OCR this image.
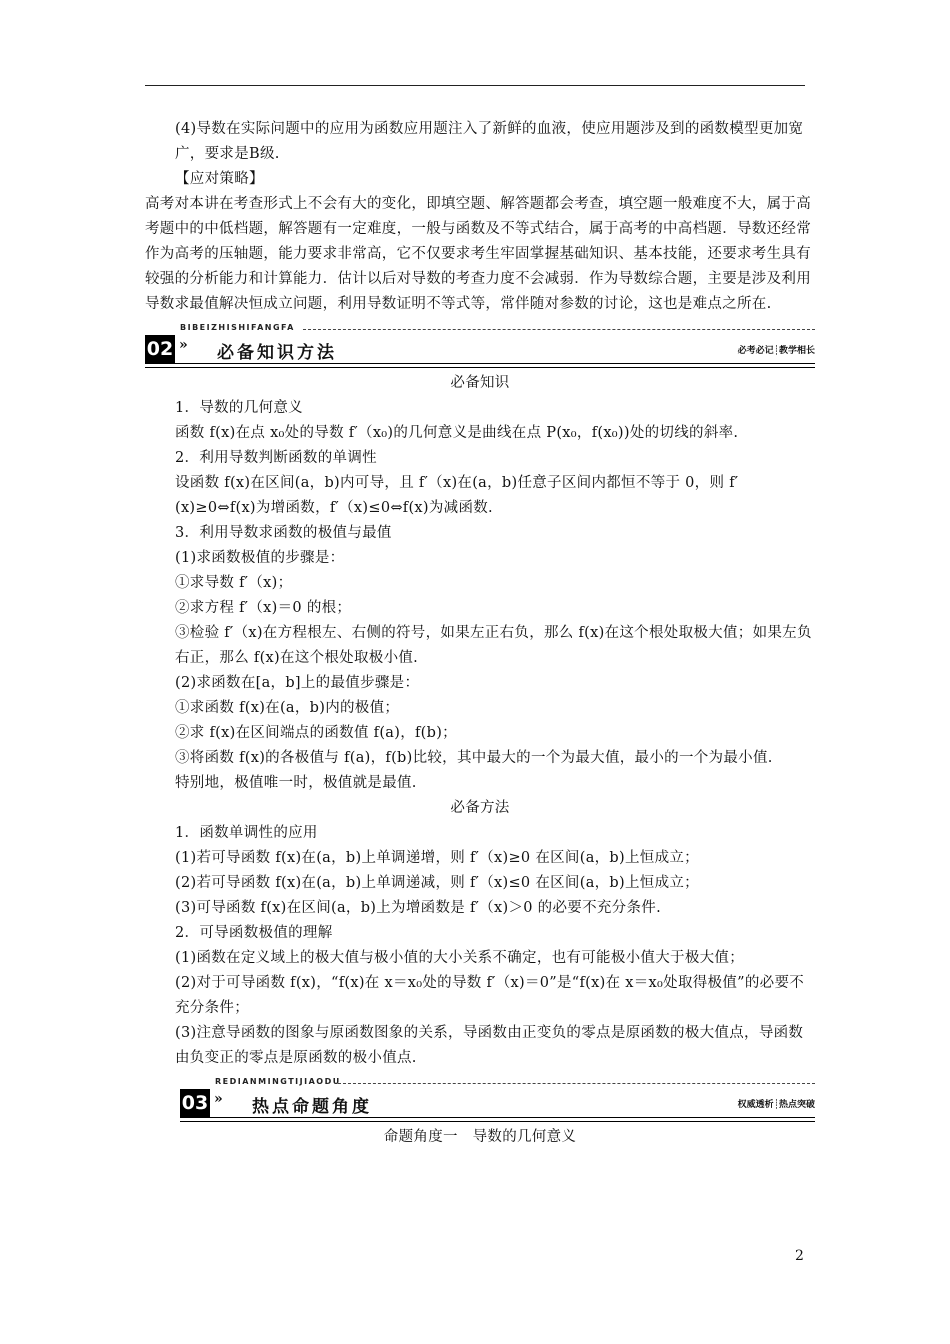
(4)导数在实际问题中的应用为函数应用题注入了新鲜的血液，使应用题涉及到的函数模型更加宽广，要求是B级.

【应对策略】

高考对本讲在考查形式上不会有大的变化，即填空题、解答题都会考查，填空题一般难度不大，属于高考题中的中低档题，解答题有一定难度，一般与函数及不等式结合，属于高考的中高档题．导数还经常作为高考的压轴题，能力要求非常高，它不仅要求考生牢固掌握基础知识、基本技能，还要求考生具有较强的分析能力和计算能力．估计以后对导数的考查力度不会减弱．作为导数综合题，主要是涉及利用导数求最值解决恒成立问题，利用导数证明不等式等，常伴随对参数的讨论，这也是难点之所在.

BIBEIZHISHIFANGFA
02 » 必备知识方法	必考必记┊教学相长

必备知识

1．导数的几何意义

函数 f(x)在点 x₀处的导数 f′（x₀)的几何意义是曲线在点 P(x₀，f(x₀))处的切线的斜率.

2．利用导数判断函数的单调性

设函数 f(x)在区间(a，b)内可导，且 f′（x)在(a，b)任意子区间内都恒不等于 0，则 f′(x)≥0⇔f(x)为增函数，f′（x)≤0⇔f(x)为减函数.

3．利用导数求函数的极值与最值

(1)求函数极值的步骤是：

①求导数 f′（x)；

②求方程 f′（x)＝0 的根；

③检验 f′（x)在方程根左、右侧的符号，如果左正右负，那么 f(x)在这个根处取极大值；如果左负右正，那么 f(x)在这个根处取极小值.

(2)求函数在[a，b]上的最值步骤是：

①求函数 f(x)在(a，b)内的极值；

②求 f(x)在区间端点的函数值 f(a)，f(b)；

③将函数 f(x)的各极值与 f(a)，f(b)比较，其中最大的一个为最大值，最小的一个为最小值.

特别地，极值唯一时，极值就是最值.

必备方法

1．函数单调性的应用

(1)若可导函数 f(x)在(a，b)上单调递增，则 f′（x)≥0 在区间(a，b)上恒成立；

(2)若可导函数 f(x)在(a，b)上单调递减，则 f′（x)≤0 在区间(a，b)上恒成立；

(3)可导函数 f(x)在区间(a，b)上为增函数是 f′（x)＞0 的必要不充分条件.

2．可导函数极值的理解

(1)函数在定义域上的极大值与极小值的大小关系不确定，也有可能极小值大于极大值；

(2)对于可导函数 f(x)，“f(x)在 x＝x₀处的导数 f′（x)＝0”是“f(x)在 x＝x₀处取得极值”的必要不充分条件；

(3)注意导函数的图象与原函数图象的关系，导函数由正变负的零点是原函数的极大值点，导函数由负变正的零点是原函数的极小值点.

REDIANMINGTIJIAODU
03 » 热点命题角度	权威透析┊热点突破

命题角度一　导数的几何意义

2
